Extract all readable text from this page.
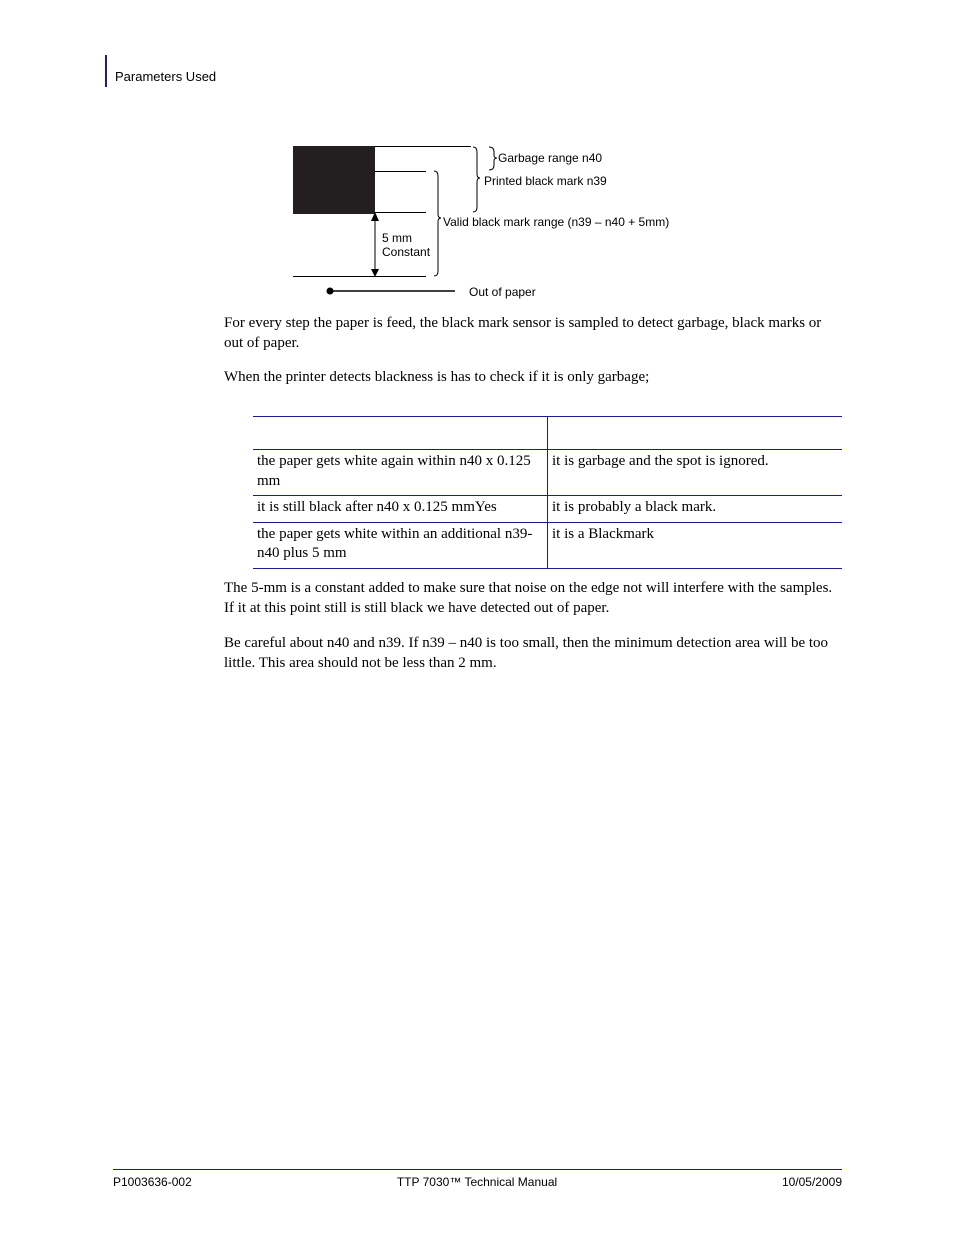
Parameters Used
Garbage range n40
Printed black mark n39
Valid black mark range (n39 – n40 + 5mm)
5 mm
Constant
Out of paper
For every step the paper is feed, the black mark sensor is sampled to detect garbage, black marks or out of paper.
When the printer detects blackness is has to check if it is only garbage;

the paper gets white again within n40 x 0.125 mm	it is garbage and the spot is ignored.
it is still black after n40 x 0.125 mmYes	it is probably a black mark.
the paper gets white within an additional n39-n40 plus 5 mm	it is a Blackmark
The 5-mm is a constant added to make sure that noise on the edge not will interfere with the samples. If it at this point still is still black we have detected out of paper.
Be careful about n40 and n39. If n39 – n40 is too small, then the minimum detection area will be too little. This area should not be less than 2 mm.
P1003636-002	TTP 7030™ Technical Manual	10/05/2009
